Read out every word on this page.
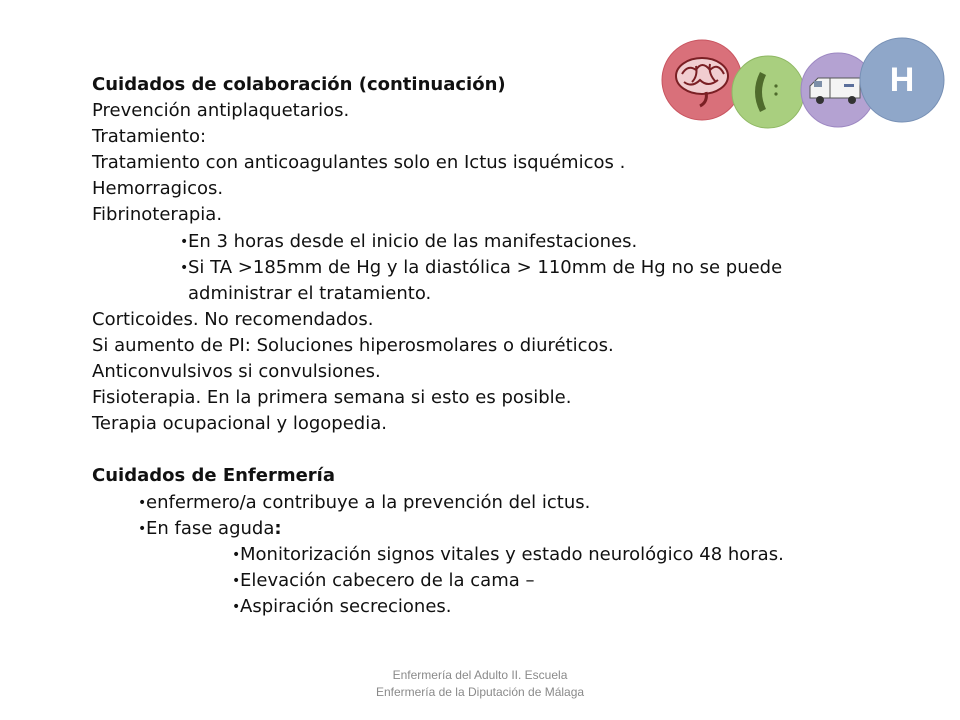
Cuidados de colaboración (continuación)
Prevención antiplaquetarios.
Tratamiento:
Tratamiento con anticoagulantes solo en Ictus isquémicos .
Hemorragicos.
Fibrinoterapia.
• En 3 horas desde el inicio de las manifestaciones.
• Si TA >185mm de Hg y la diastólica > 110mm de Hg no se puede
administrar el tratamiento.
Corticoides. No recomendados.
Si aumento de PI: Soluciones hiperosmolares o diuréticos.
Anticonvulsivos si convulsiones.
Fisioterapia. En la primera semana si esto es posible.
Terapia ocupacional y logopedia.
Cuidados de Enfermería
• enfermero/a contribuye a la prevención del ictus.
• En fase aguda:
• Monitorización signos vitales y estado neurológico 48 horas.
• Elevación cabecero de la cama –
• Aspiración secreciones.
Enfermería del Adulto II. Escuela
Enfermería de la Diputación de Málaga
H
